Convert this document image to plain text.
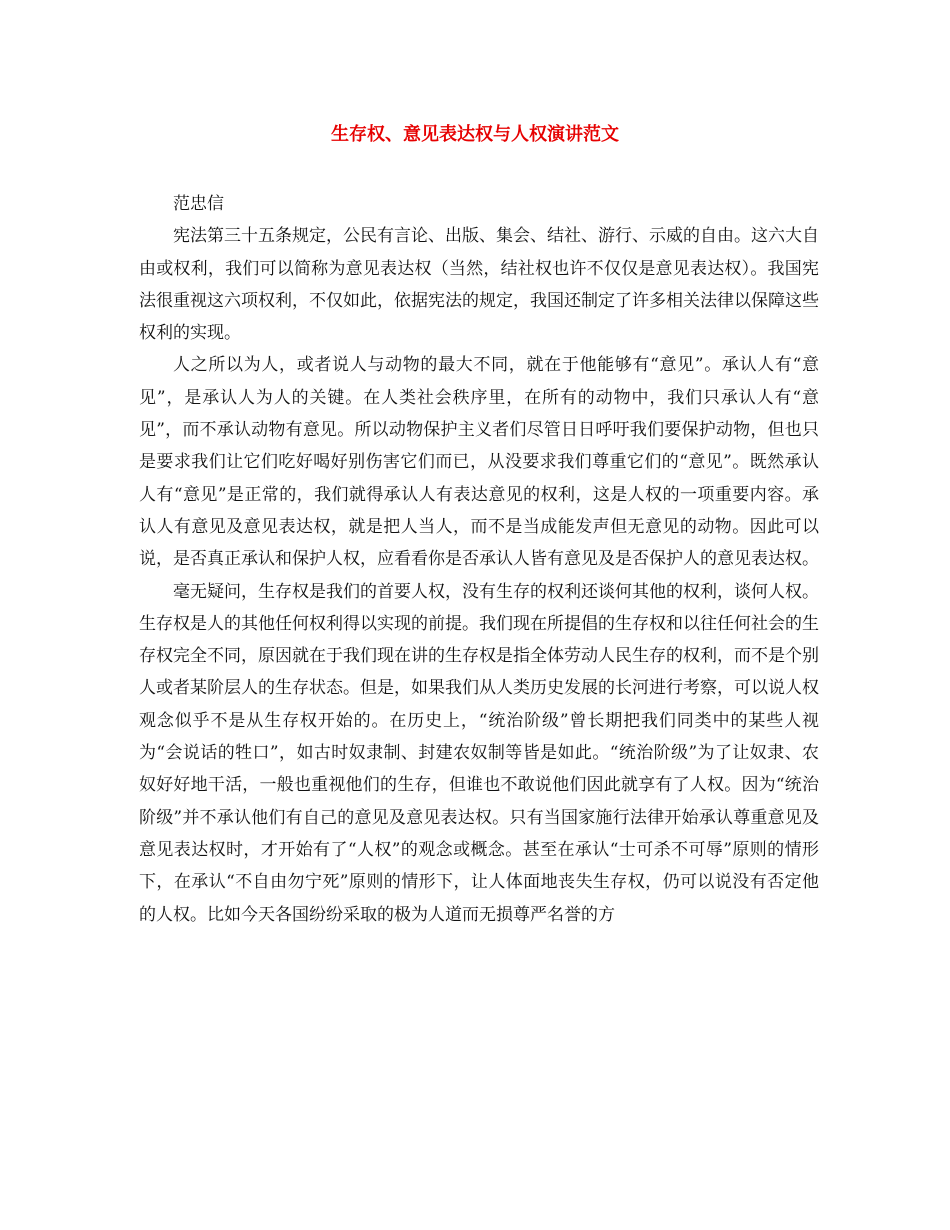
生存权、意见表达权与人权演讲范文

范忠信

宪法第三十五条规定，公民有言论、出版、集会、结社、游行、示威的自由。这六大自由或权利，我们可以简称为意见表达权（当然，结社权也许不仅仅是意见表达权）。我国宪法很重视这六项权利，不仅如此，依据宪法的规定，我国还制定了许多相关法律以保障这些权利的实现。

人之所以为人，或者说人与动物的最大不同，就在于他能够有“意见”。承认人有“意见”，是承认人为人的关键。在人类社会秩序里，在所有的动物中，我们只承认人有“意见”，而不承认动物有意见。所以动物保护主义者们尽管日日呼吁我们要保护动物，但也只是要求我们让它们吃好喝好别伤害它们而已，从没要求我们尊重它们的“意见”。既然承认人有“意见”是正常的，我们就得承认人有表达意见的权利，这是人权的一项重要内容。承认人有意见及意见表达权，就是把人当人，而不是当成能发声但无意见的动物。因此可以说，是否真正承认和保护人权，应看看你是否承认人皆有意见及是否保护人的意见表达权。

毫无疑问，生存权是我们的首要人权，没有生存的权利还谈何其他的权利，谈何人权。生存权是人的其他任何权利得以实现的前提。我们现在所提倡的生存权和以往任何社会的生存权完全不同，原因就在于我们现在讲的生存权是指全体劳动人民生存的权利，而不是个别人或者某阶层人的生存状态。但是，如果我们从人类历史发展的长河进行考察，可以说人权观念似乎不是从生存权开始的。在历史上，“统治阶级”曾长期把我们同类中的某些人视为“会说话的牲口”，如古时奴隶制、封建农奴制等皆是如此。“统治阶级”为了让奴隶、农奴好好地干活，一般也重视他们的生存，但谁也不敢说他们因此就享有了人权。因为“统治阶级”并不承认他们有自己的意见及意见表达权。只有当国家施行法律开始承认尊重意见及意见表达权时，才开始有了“人权”的观念或概念。甚至在承认“士可杀不可辱”原则的情形下，在承认“不自由勿宁死”原则的情形下，让人体面地丧失生存权，仍可以说没有否定他的人权。比如今天各国纷纷采取的极为人道而无损尊严名誉的方
